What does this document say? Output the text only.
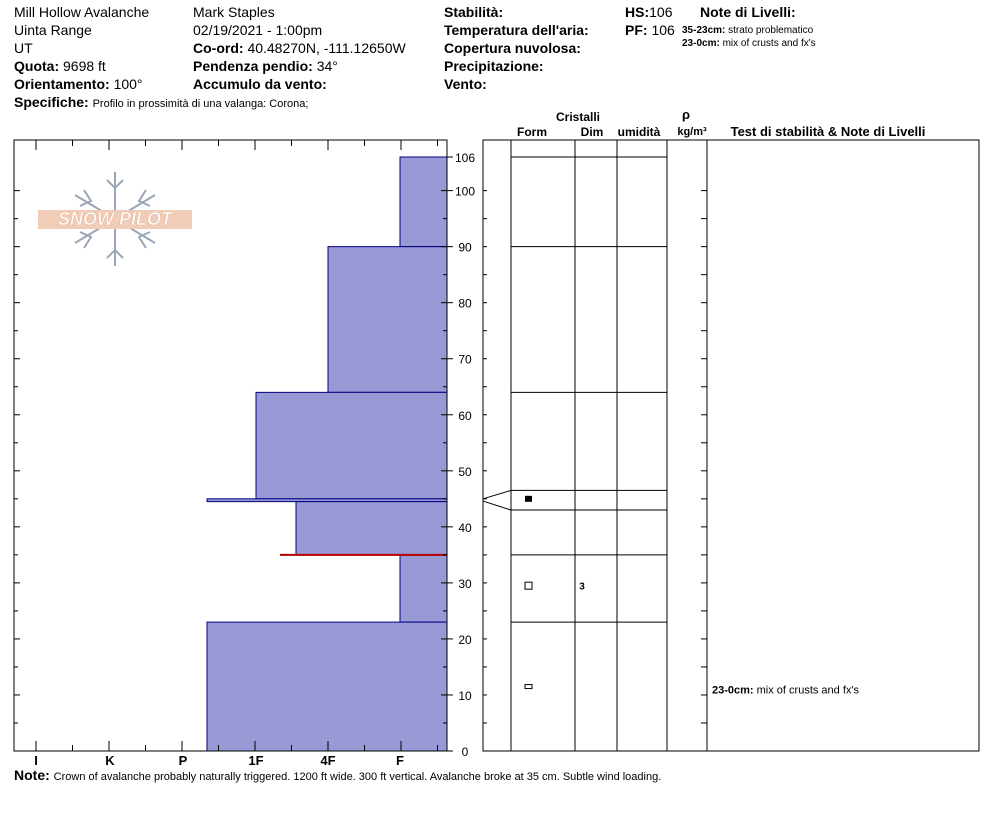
Mill Hollow Avalanche
Uinta Range
UT
Quota: 9698 ft
Orientamento: 100°
Specifiche: Profilo in prossimità di una valanga: Corona;
Mark Staples
02/19/2021 - 1:00pm
Co-ord: 40.48270N, -111.12650W
Pendenza pendio: 34°
Accumulo da vento:
Stabilità:
Temperatura dell'aria:
Copertura nuvolosa:
Precipitazione:
Vento:
HS:106
PF: 106
Note di Livelli:
35-23cm: strato problematico
23-0cm: mix of crusts and fx's
SNOW PILOT
0
10
20
30
40
50
60
70
80
90
100
106
I	K	P	1F	4F	F
3
23-0cm: mix of crusts and fx's
Cristalli
Form	Dim umidità
ρ
kg/m³ Test di stabilità & Note di Livelli
Note: Crown of avalanche probably naturally triggered. 1200 ft wide. 300 ft vertical. Avalanche broke at 35 cm. Subtle wind loading.
